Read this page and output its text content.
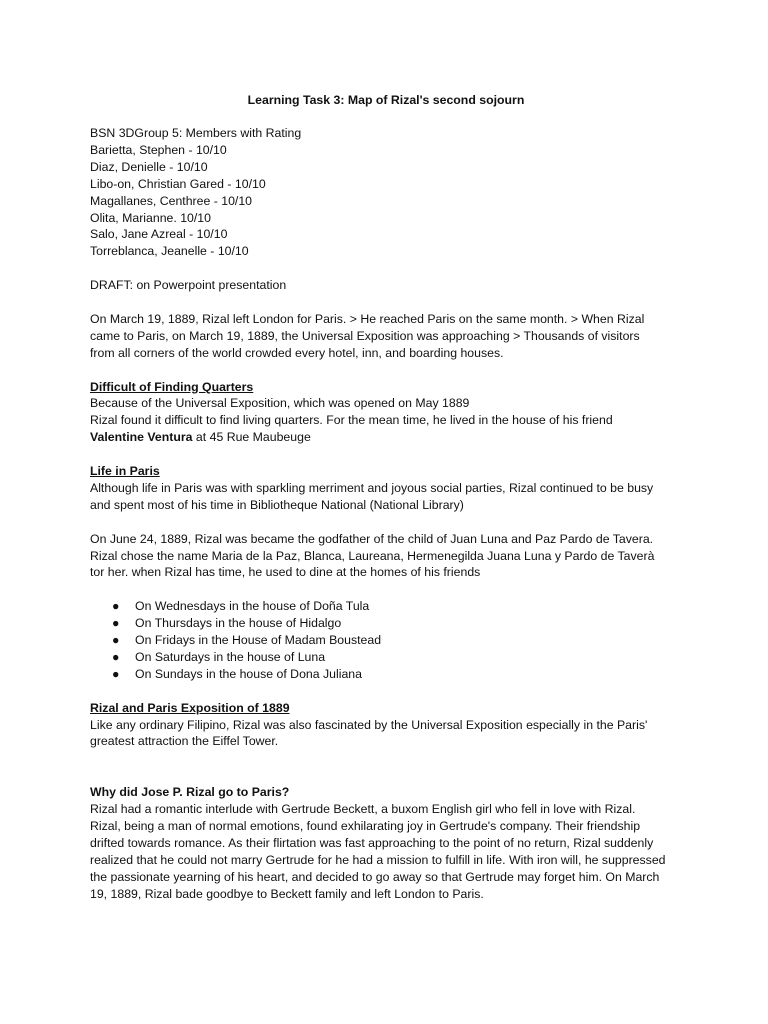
Learning Task 3: Map of Rizal's second sojourn

BSN 3DGroup 5: Members with Rating
Barietta, Stephen - 10/10
Diaz, Denielle - 10/10
Libo-on, Christian Gared - 10/10
Magallanes, Centhree - 10/10
Olita, Marianne. 10/10
Salo, Jane Azreal - 10/10
Torreblanca, Jeanelle - 10/10
DRAFT: on Powerpoint presentation
On March 19, 1889, Rizal left London for Paris. > He reached Paris on the same month. > When Rizal
came to Paris, on March 19, 1889, the Universal Exposition was approaching > Thousands of visitors
from all corners of the world crowded every hotel, inn, and boarding houses.
Difficult of Finding Quarters
Because of the Universal Exposition, which was opened on May 1889
Rizal found it difficult to find living quarters. For the mean time, he lived in the house of his friend
Valentine Ventura at 45 Rue Maubeuge
Life in Paris
Although life in Paris was with sparkling merriment and joyous social parties, Rizal continued to be busy
and spent most of his time in Bibliotheque National (National Library)
On June 24, 1889, Rizal was became the godfather of the child of Juan Luna and Paz Pardo de Tavera.
Rizal chose the name Maria de la Paz, Blanca, Laureana, Hermenegilda Juana Luna y Pardo de Taverà
tor her. when Rizal has time, he used to dine at the homes of his friends
● On Wednesdays in the house of Doña Tula
● On Thursdays in the house of Hidalgo
● On Fridays in the House of Madam Boustead
● On Saturdays in the house of Luna
● On Sundays in the house of Dona Juliana
Rizal and Paris Exposition of 1889
Like any ordinary Filipino, Rizal was also fascinated by the Universal Exposition especially in the Paris'
greatest attraction the Eiffel Tower.
Why did Jose P. Rizal go to Paris?
Rizal had a romantic interlude with Gertrude Beckett, a buxom English girl who fell in love with Rizal.
Rizal, being a man of normal emotions, found exhilarating joy in Gertrude's company. Their friendship
drifted towards romance. As their flirtation was fast approaching to the point of no return, Rizal suddenly
realized that he could not marry Gertrude for he had a mission to fulfill in life. With iron will, he suppressed
the passionate yearning of his heart, and decided to go away so that Gertrude may forget him. On March
19, 1889, Rizal bade goodbye to Beckett family and left London to Paris.
